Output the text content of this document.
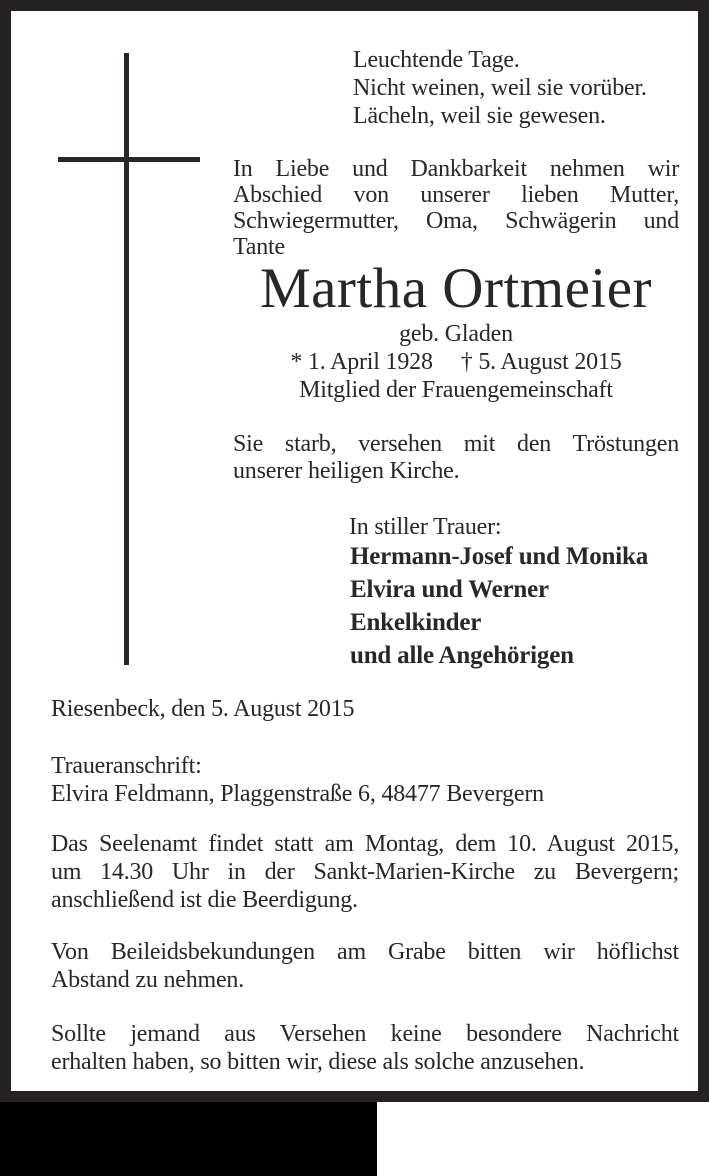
Leuchtende Tage.
Nicht weinen, weil sie vorüber.
Lächeln, weil sie gewesen.
In Liebe und Dankbarkeit nehmen wir
Abschied von unserer lieben Mutter,
Schwiegermutter, Oma, Schwägerin und
Tante
Martha Ortmeier
geb. Gladen
* 1. April 1928 † 5. August 2015
Mitglied der Frauengemeinschaft
Sie starb, versehen mit den Tröstungen
unserer heiligen Kirche.
In stiller Trauer:
Hermann-Josef und Monika
Elvira und Werner
Enkelkinder
und alle Angehörigen
Riesenbeck, den 5. August 2015
Traueranschrift:
Elvira Feldmann, Plaggenstraße 6, 48477 Bevergern
Das Seelenamt findet statt am Montag, dem 10. August 2015,
um 14.30 Uhr in der Sankt-Marien-Kirche zu Bevergern;
anschließend ist die Beerdigung.
Von Beileidsbekundungen am Grabe bitten wir höflichst
Abstand zu nehmen.
Sollte jemand aus Versehen keine besondere Nachricht
erhalten haben, so bitten wir, diese als solche anzusehen.
